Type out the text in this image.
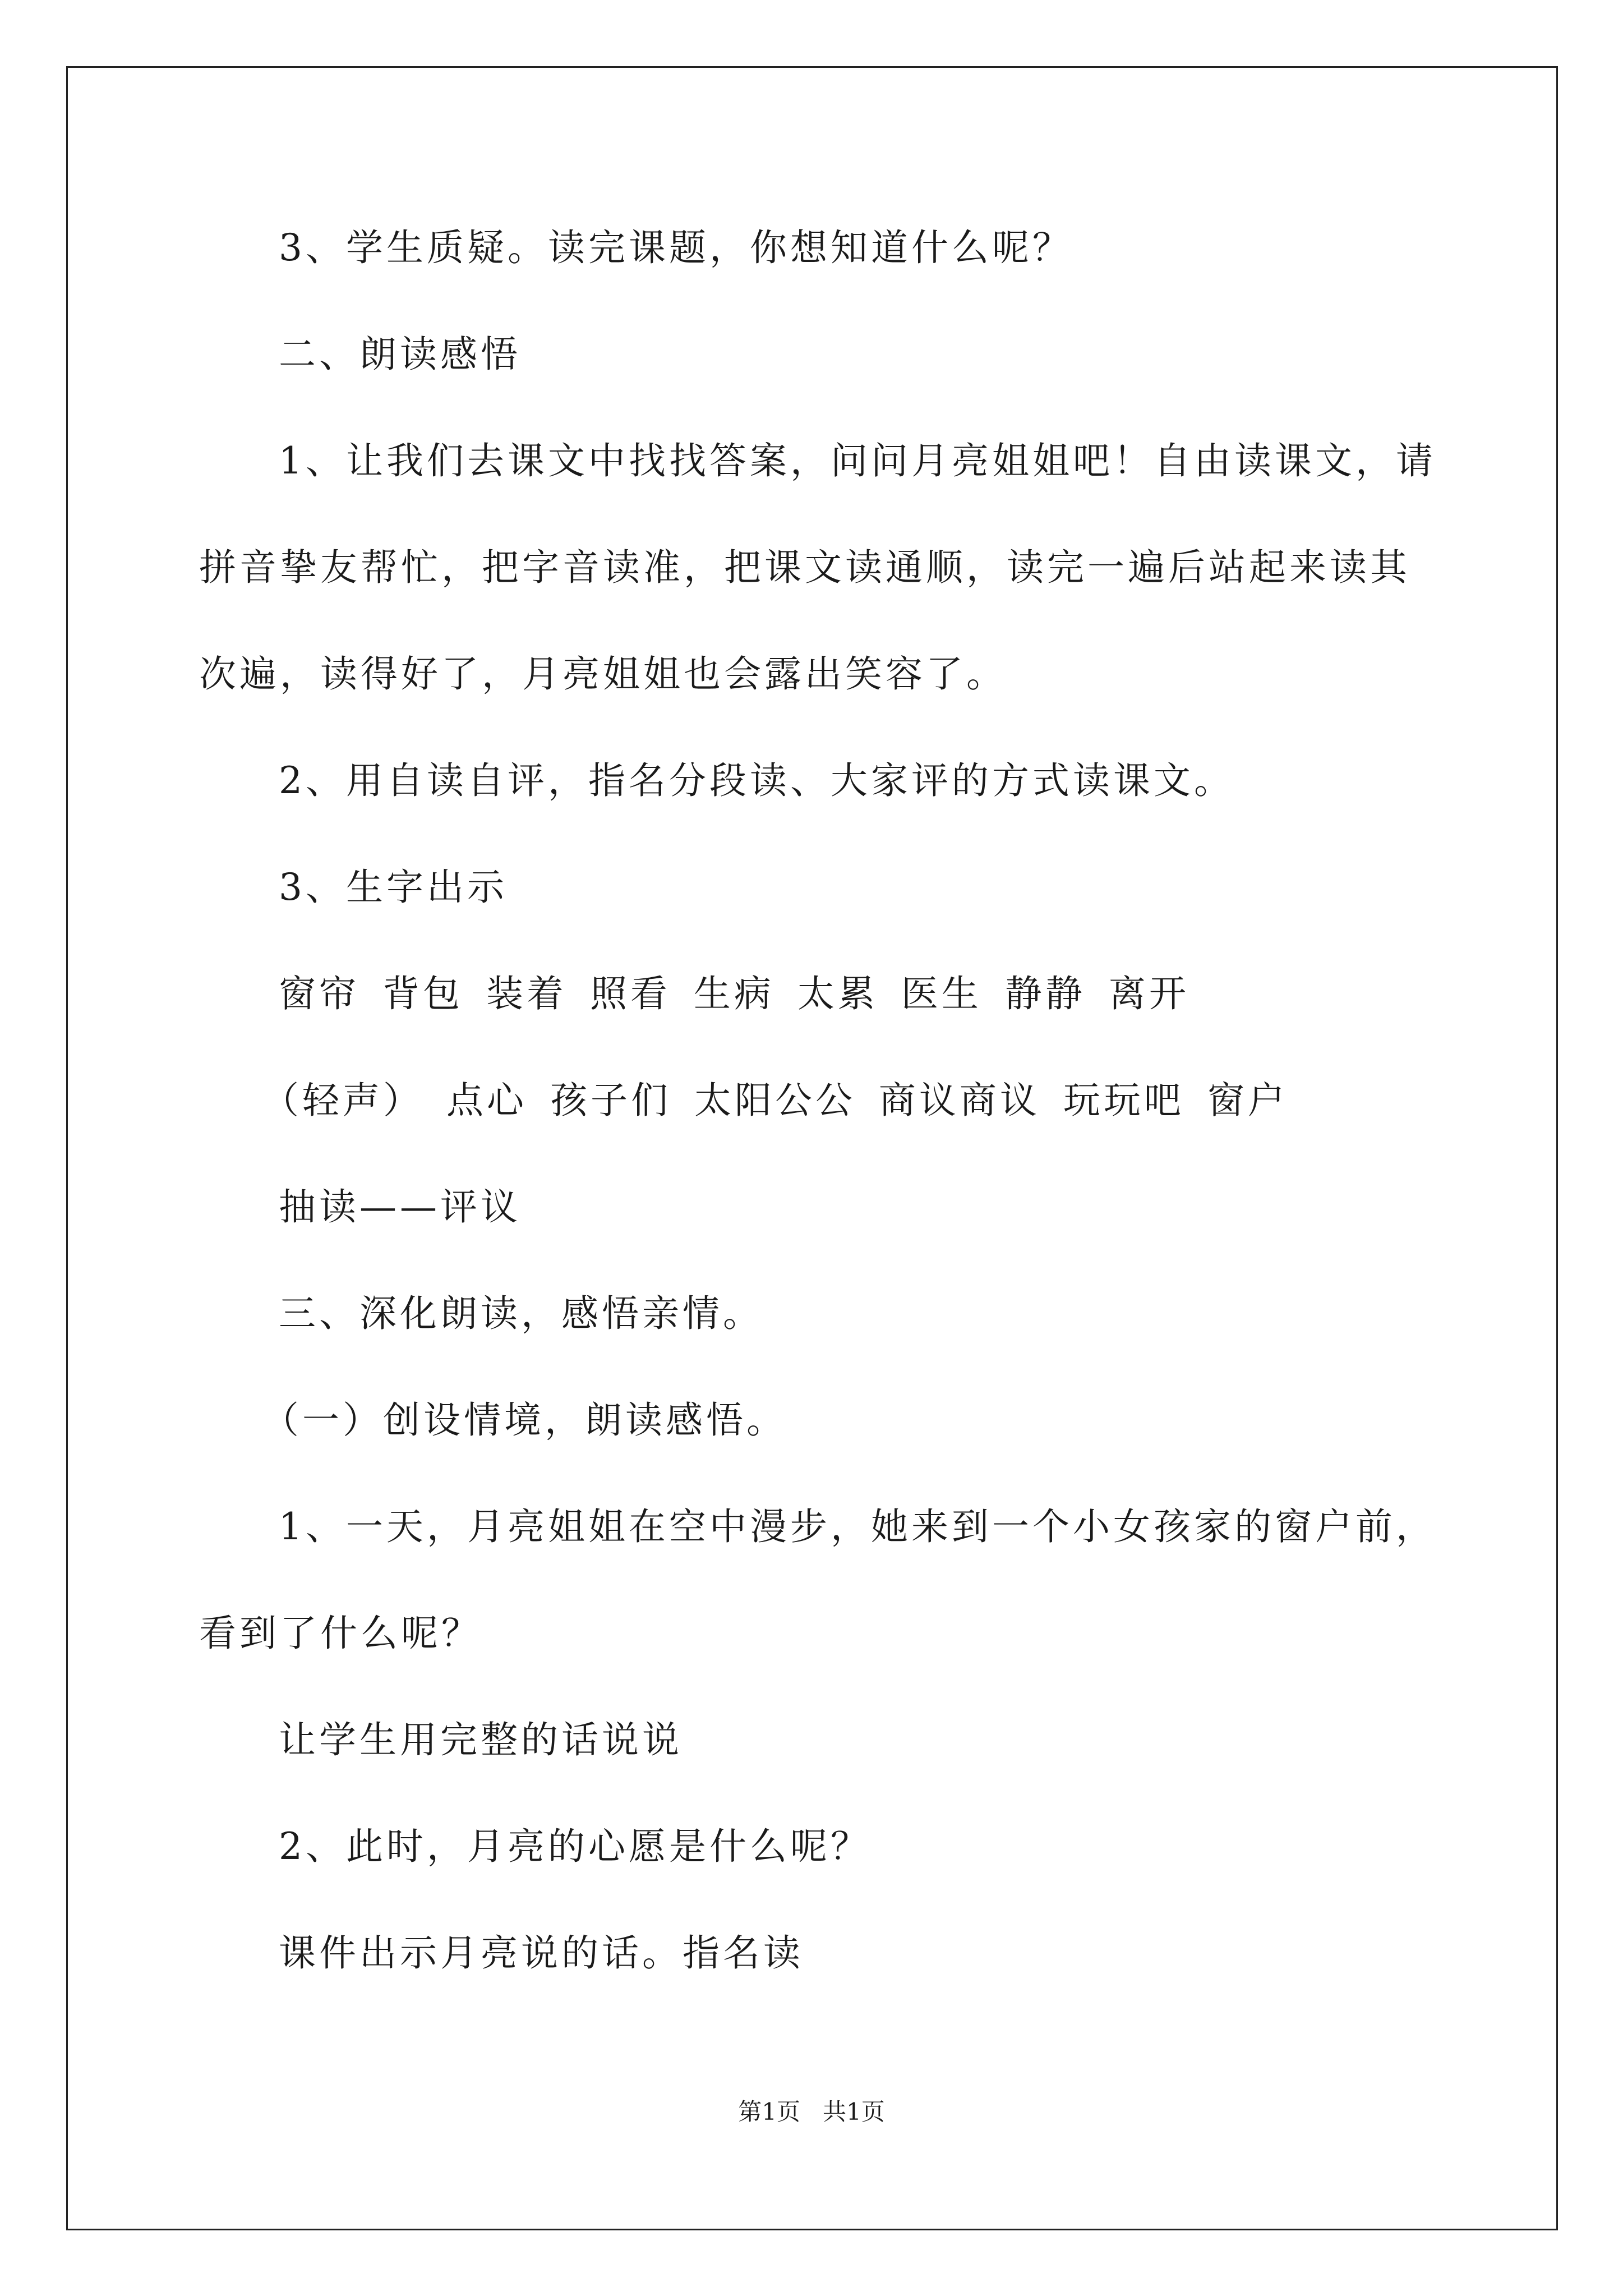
3、学生质疑。读完课题，你想知道什么呢？
二、朗读感悟
1、让我们去课文中找找答案，问问月亮姐姐吧！自由读课文，请
拼音挚友帮忙，把字音读准，把课文读通顺，读完一遍后站起来读其
次遍，读得好了，月亮姐姐也会露出笑容了。
2、用自读自评，指名分段读、大家评的方式读课文。
3、生字出示
窗帘 背包 装着 照看 生病 太累 医生 静静 离开
（轻声） 点心 孩子们 太阳公公 商议商议 玩玩吧 窗户
抽读——评议
三、深化朗读，感悟亲情。
（一）创设情境，朗读感悟。
1、一天，月亮姐姐在空中漫步，她来到一个小女孩家的窗户前，
看到了什么呢？
让学生用完整的话说说
2、此时，月亮的心愿是什么呢？
课件出示月亮说的话。指名读
第1页   共1页
